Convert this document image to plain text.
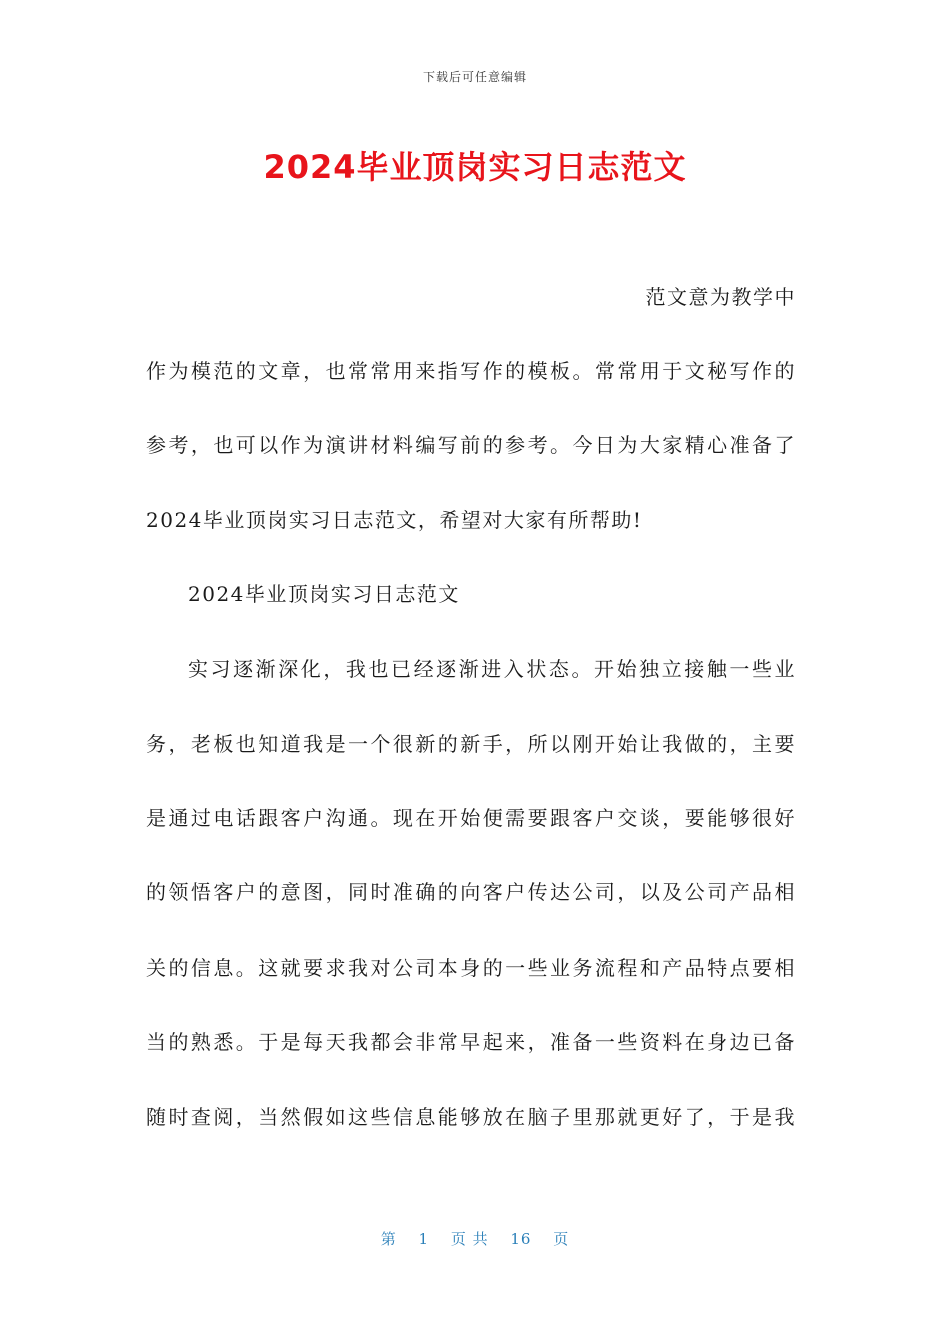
下载后可任意编辑
2024毕业顶岗实习日志范文
范文意为教学中
作为模范的文章，也常常用来指写作的模板。常常用于文秘写作的
参考，也可以作为演讲材料编写前的参考。今日为大家精心准备了
2024毕业顶岗实习日志范文，希望对大家有所帮助!
2024毕业顶岗实习日志范文
实习逐渐深化，我也已经逐渐进入状态。开始独立接触一些业
务，老板也知道我是一个很新的新手，所以刚开始让我做的，主要
是通过电话跟客户沟通。现在开始便需要跟客户交谈，要能够很好
的领悟客户的意图，同时准确的向客户传达公司，以及公司产品相
关的信息。这就要求我对公司本身的一些业务流程和产品特点要相
当的熟悉。于是每天我都会非常早起来，准备一些资料在身边已备
随时查阅，当然假如这些信息能够放在脑子里那就更好了，于是我
第 1 页 共 16 页
